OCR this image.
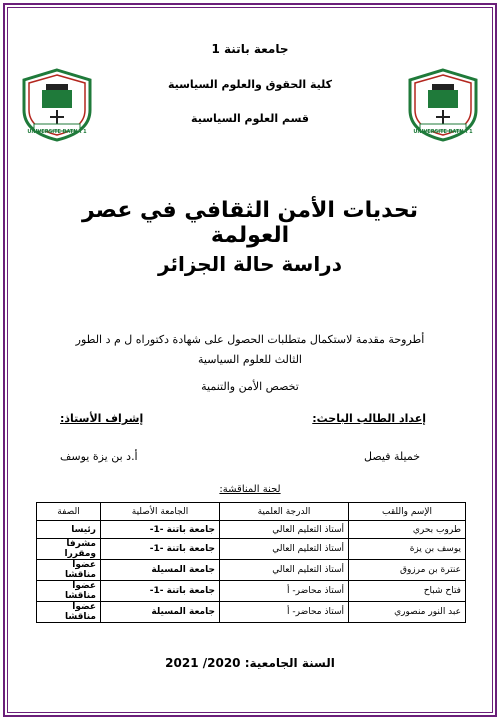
UNIVERSITE BATNA 1	UNIVERSITE BATNA 1
جامعة باتنة 1
كلية الحقوق والعلوم السياسية
قسم العلوم السياسية
تحديات الأمن الثقافي في عصر العولمة
دراسة حالة الجزائر
أطروحة مقدمة لاستكمال متطلبات الحصول على شهادة دكتوراه ل م د الطور
الثالث للعلوم السياسية
تخصص الأمن والتنمية
إعداد الطالب الباحث:
إشراف الأستاذ:
خميلة فيصل
أ.د بن يزة يوسف
لجنة المناقشة:
الإسم واللقب	الدرجة العلمية	الجامعة الأصلية	الصفة
طروب بحري	أستاذ التعليم العالي	جامعة باتنة -1-	رئيسا
يوسف بن يزة	أستاذ التعليم العالي	جامعة باتنة -1-	مشرفا ومقررا
عنترة بن مرزوق	أستاذ التعليم العالي	جامعة المسيلة	عضوا مناقشا
فتاح شباح	أستاذ محاضر- أ	جامعة باتنة -1-	عضوا مناقشا
عبد النور منصوري	أستاذ محاضر- أ	جامعة المسيلة	عضوا مناقشا
السنة الجامعية: 2020/ 2021
